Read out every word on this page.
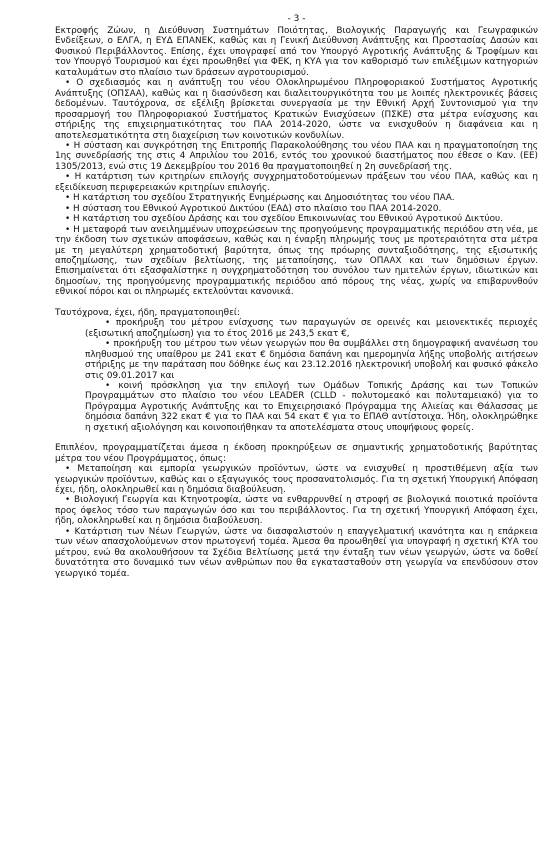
- 3 -

Εκτροφής Ζώων, η Διεύθυνση Συστημάτων Ποιότητας, Βιολογικής Παραγωγής και Γεωγραφικών Ενδείξεων, ο ΕΛΓΑ, η ΕΥΔ ΕΠΑΝΕΚ, καθώς και η Γενική Διεύθυνση Ανάπτυξης και Προστασίας Δασών και Φυσικού Περιβάλλοντος. Επίσης, έχει υπογραφεί από τον Υπουργό Αγροτικής Ανάπτυξης & Τροφίμων και τον Υπουργό Τουρισμού και έχει προωθηθεί για ΦΕΚ, η ΚΥΑ για τον καθορισμό των επιλέξιμων κατηγοριών καταλυμάτων στο πλαίσιο των δράσεων αγροτουρισμού.

• Ο σχεδιασμός και η ανάπτυξη του νέου Ολοκληρωμένου Πληροφοριακού Συστήματος Αγροτικής Ανάπτυξης (ΟΠΣΑΑ), καθώς και η διασύνδεση και διαλειτουργικότητα του με λοιπές ηλεκτρονικές βάσεις δεδομένων. Ταυτόχρονα, σε εξέλιξη βρίσκεται συνεργασία με την Εθνική Αρχή Συντονισμού για την προσαρμογή του Πληροφοριακού Συστήματος Κρατικών Ενισχύσεων (ΠΣΚΕ) στα μέτρα ενίσχυσης και στήριξης της επιχειρηματικότητας του ΠΑΑ 2014-2020, ώστε να ενισχυθούν η διαφάνεια και η αποτελεσματικότητα στη διαχείριση των κοινοτικών κονδυλίων.

• Η σύσταση και συγκρότηση της Επιτροπής Παρακολούθησης του νέου ΠΑΑ και η πραγματοποίηση της 1ης συνεδρίασής της στις 4 Απριλίου του 2016, εντός του χρονικού διαστήματος που έθεσε ο Καν. (ΕΕ) 1305/2013, ενώ στις 19 Δεκεμβρίου του 2016 θα πραγματοποιηθεί η 2η συνεδρίασή της.

• Η κατάρτιση των κριτηρίων επιλογής συγχρηματοδοτούμενων πράξεων του νέου ΠΑΑ, καθώς και η εξειδίκευση περιφερειακών κριτηρίων επιλογής.

• Η κατάρτιση του σχεδίου Στρατηγικής Ενημέρωσης και Δημοσιότητας του νέου ΠΑΑ.

• Η σύσταση του Εθνικού Αγροτικού Δικτύου (ΕΑΔ) στο πλαίσιο του ΠΑΑ 2014-2020.

• Η κατάρτιση του σχεδίου Δράσης και του σχεδίου Επικοινωνίας του Εθνικού Αγροτικού Δικτύου.

• Η μεταφορά των ανειλημμένων υποχρεώσεων της προηγούμενης προγραμματικής περιόδου στη νέα, με την έκδοση των σχετικών αποφάσεων, καθώς και η έναρξη πληρωμής τους με προτεραιότητα στα μέτρα με τη μεγαλύτερη χρηματοδοτική βαρύτητα, όπως της πρόωρης συνταξιοδότησης, της εξισωτικής αποζημίωσης, των σχεδίων βελτίωσης, της μεταποίησης, των ΟΠΑΑΧ και των δημόσιων έργων. Επισημαίνεται ότι εξασφαλίστηκε η συγχρηματοδότηση του συνόλου των ημιτελών έργων, ιδιωτικών και δημοσίων, της προηγούμενης προγραμματικής περιόδου από πόρους της νέας, χωρίς να επιβαρυνθούν εθνικοί πόροι και οι πληρωμές εκτελούνται κανονικά.

Ταυτόχρονα, έχει, ήδη, πραγματοποιηθεί:

• προκήρυξη του μέτρου ενίσχυσης των παραγωγών σε ορεινές και μειονεκτικές περιοχές (εξισωτική αποζημίωση) για το έτος 2016 με 243,5 εκατ €,

• προκήρυξη του μέτρου των νέων γεωργών που θα συμβάλλει στη δημογραφική ανανέωση του πληθυσμού της υπαίθρου με 241 εκατ € δημόσια δαπάνη και ημερομηνία λήξης υποβολής αιτήσεων στήριξης με την παράταση που δόθηκε έως και 23.12.2016 ηλεκτρονική υποβολή και φυσικό φάκελο στις 09.01.2017 και

• κοινή πρόσκληση για την επιλογή των Ομάδων Τοπικής Δράσης και των Τοπικών Προγραμμάτων στο πλαίσιο του νέου LEADER (CLLD - πολυτομεακό και πολυταμειακό) για το Πρόγραμμα Αγροτικής Ανάπτυξης και το Επιχειρησιακό Πρόγραμμα της Αλιείας και Θάλασσας με δημόσια δαπάνη 322 εκατ € για το ΠΑΑ και 54 εκατ € για το ΕΠΑΘ αντίστοιχα. Ήδη, ολοκληρώθηκε η σχετική αξιολόγηση και κοινοποιήθηκαν τα αποτελέσματα στους υποψήφιους φορείς.

Επιπλέον, προγραμματίζεται άμεσα η έκδοση προκηρύξεων σε σημαντικής χρηματοδοτικής βαρύτητας μέτρα του νέου Προγράμματος, όπως:

• Μεταποίηση και εμπορία γεωργικών προϊόντων, ώστε να ενισχυθεί η προστιθέμενη αξία των γεωργικών προϊόντων, καθώς και ο εξαγωγικός τους προσανατολισμός. Για τη σχετική Υπουργική Απόφαση έχει, ήδη, ολοκληρωθεί και η δημόσια διαβούλευση.

• Βιολογική Γεωργία και Κτηνοτροφία, ώστε να ενθαρρυνθεί η στροφή σε βιολογικά ποιοτικά προϊόντα προς όφελος τόσο των παραγωγών όσο και του περιβάλλοντος. Για τη σχετική Υπουργική Απόφαση έχει, ήδη, ολοκληρωθεί και η δημόσια διαβούλευση.

• Κατάρτιση των Νέων Γεωργών, ώστε να διασφαλιστούν η επαγγελματική ικανότητα και η επάρκεια των νέων απασχολούμενων στον πρωτογενή τομέα. Άμεσα θα προωθηθεί για υπογραφή η σχετική ΚΥΑ του μέτρου, ενώ θα ακολουθήσουν τα Σχέδια Βελτίωσης μετά την ένταξη των νέων γεωργών, ώστε να δοθεί δυνατότητα στο δυναμικό των νέων ανθρώπων που θα εγκατασταθούν στη γεωργία να επενδύσουν στον γεωργικό τομέα.
